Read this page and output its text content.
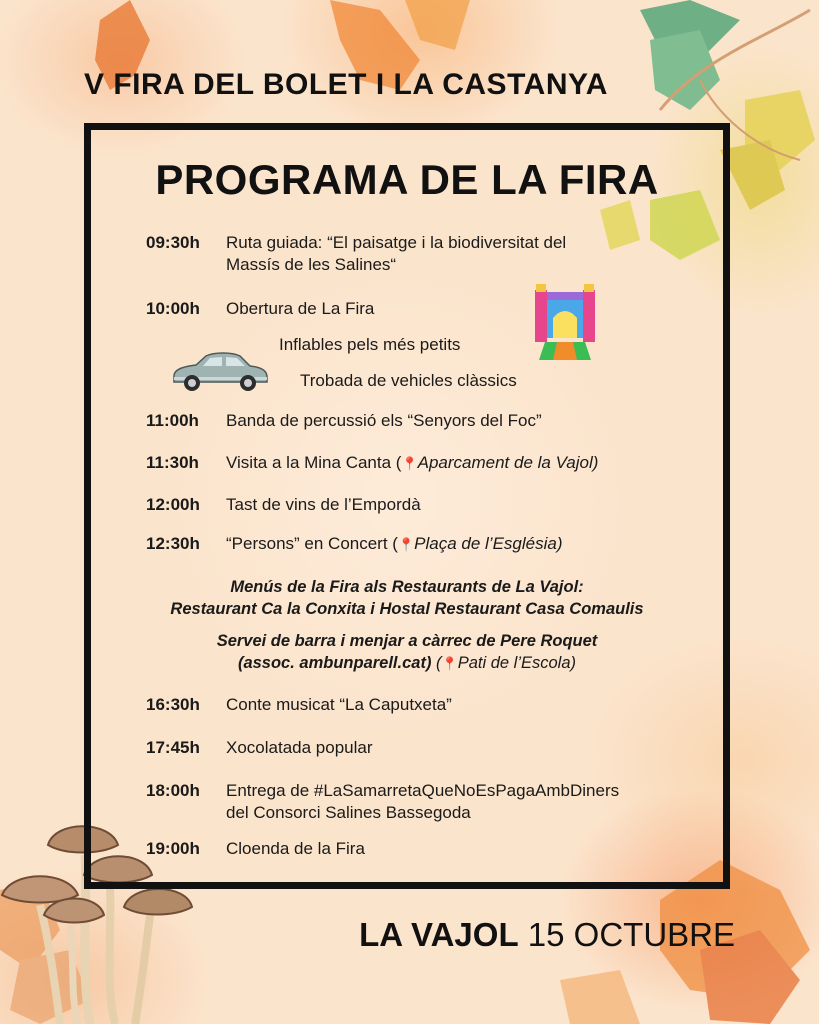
V FIRA DEL BOLET I LA CASTANYA
PROGRAMA DE LA FIRA
09:30h Ruta guiada: “El paisatge i la biodiversitat del
Massís de les Salines“
10:00h Obertura de La Fira
Inflables pels més petits
Trobada de vehicles clàssics
11:00h Banda de percussió els “Senyors del Foc”
11:30h Visita a la Mina Canta (📍Aparcament de la Vajol)
12:00h Tast de vins de l’Empordà
12:30h “Persons” en Concert (📍Plaça de l’Església)
Menús de la Fira als Restaurants de La Vajol:
Restaurant Ca la Conxita i Hostal Restaurant Casa Comaulis
Servei de barra i menjar a càrrec de Pere Roquet
(assoc. ambunparell.cat) (📍Pati de l’Escola)
16:30h Conte musicat “La Caputxeta”
17:45h Xocolatada popular
18:00h Entrega de #LaSamarretaQueNoEsPagaAmbDiners
del Consorci Salines Bassegoda
19:00h Cloenda de la Fira
LA VAJOL 15 OCTUBRE
